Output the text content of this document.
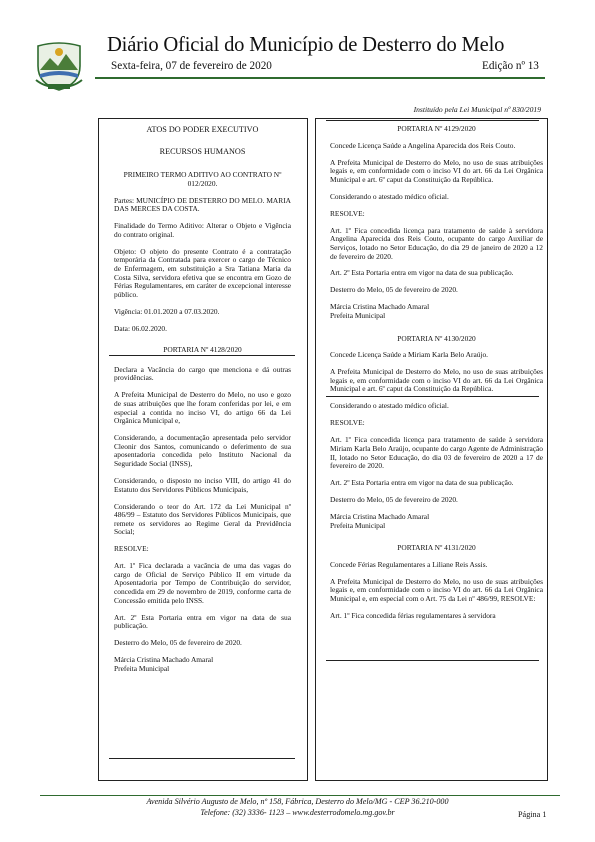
Diário Oficial do Município de Desterro do Melo
Sexta-feira, 07 de fevereiro de 2020	Edição nº 13
Instituído pela Lei Municipal nº 830/2019

ATOS DO PODER EXECUTIVO

RECURSOS HUMANOS

PRIMEIRO TERMO ADITIVO AO CONTRATO Nº 012/2020.

Partes: MUNICÍPIO DE DESTERRO DO MELO. MARIA DAS MERCES DA COSTA.

Finalidade do Termo Aditivo: Alterar o Objeto e Vigência do contrato original.

Objeto: O objeto do presente Contrato é a contratação temporária da Contratada para exercer o cargo de Técnico de Enfermagem, em substituição a Sra Tatiana Maria da Costa Silva, servidora efetiva que se encontra em Gozo de Férias Regulamentares, em caráter de excepcional interesse público.

Vigência: 01.01.2020 a 07.03.2020.

Data: 06.02.2020.

PORTARIA Nº 4128/2020

Declara a Vacância do cargo que menciona e dá outras providências.

A Prefeita Municipal de Desterro do Melo, no uso e gozo de suas atribuições que lhe foram conferidas por lei, e em especial a contida no inciso VI, do artigo 66 da Lei Orgânica Municipal e,

Considerando, a documentação apresentada pelo servidor Cleonir dos Santos, comunicando o deferimento de sua aposentadoria concedida pelo Instituto Nacional da Seguridade Social (INSS),

Considerando, o disposto no inciso VIII, do artigo 41 do Estatuto dos Servidores Públicos Municipais,

Considerando o teor do Art. 172 da Lei Municipal nº 486/99 – Estatuto dos Servidores Públicos Municipais, que remete os servidores ao Regime Geral da Previdência Social;

RESOLVE:

Art. 1º Fica declarada a vacância de uma das vagas do cargo de Oficial de Serviço Público II em virtude da Aposentadoria por Tempo de Contribuição do servidor, concedida em 29 de novembro de 2019, conforme carta de Concessão emitida pelo INSS.

Art. 2º Esta Portaria entra em vigor na data de sua publicação.

Desterro do Melo, 05 de fevereiro de 2020.

Márcia Cristina Machado Amaral

Prefeita Municipal

PORTARIA Nº 4129/2020

Concede Licença Saúde a Angelina Aparecida dos Reis Couto.

A Prefeita Municipal de Desterro do Melo, no uso de suas atribuições legais e, em conformidade com o inciso VI do art. 66 da Lei Orgânica Municipal e art. 6º caput da Constituição da República.

Considerando o atestado médico oficial.

RESOLVE:

Art. 1º Fica concedida licença para tratamento de saúde à servidora Angelina Aparecida dos Reis Couto, ocupante do cargo Auxiliar de Serviços, lotado no Setor Educação, do dia 29 de janeiro de 2020 a 12 de fevereiro de 2020.

Art. 2º Esta Portaria entra em vigor na data de sua publicação.

Desterro do Melo, 05 de fevereiro de 2020.

Márcia Cristina Machado Amaral

Prefeita Municipal

PORTARIA Nº 4130/2020

Concede Licença Saúde a Miriam Karla Belo Araújo.

A Prefeita Municipal de Desterro do Melo, no uso de suas atribuições legais e, em conformidade com o inciso VI do art. 66 da Lei Orgânica Municipal e art. 6º caput da Constituição da República.

Considerando o atestado médico oficial.

RESOLVE:

Art. 1º Fica concedida licença para tratamento de saúde à servidora Miriam Karla Belo Araújo, ocupante do cargo Agente de Administração II, lotado no Setor Educação, do dia 03 de fevereiro de 2020 a 17 de fevereiro de 2020.

Art. 2º Esta Portaria entra em vigor na data de sua publicação.

Desterro do Melo, 05 de fevereiro de 2020.

Márcia Cristina Machado Amaral

Prefeita Municipal

PORTARIA Nº 4131/2020

Concede Férias Regulamentares a Liliane Reis Assis.

A Prefeita Municipal de Desterro do Melo, no uso de suas atribuições legais e, em conformidade com o inciso VI do art. 66 da Lei Orgânica Municipal e, em especial com o Art. 75 da Lei nº 486/99, RESOLVE:

Art. 1º Fica concedida férias regulamentares à servidora

Avenida Silvério Augusto de Melo, nº 158, Fábrica, Desterro do Melo/MG - CEP 36.210-000
Telefone: (32) 3336- 1123 – www.desterrodomelo.mg.gov.br	Página 1
